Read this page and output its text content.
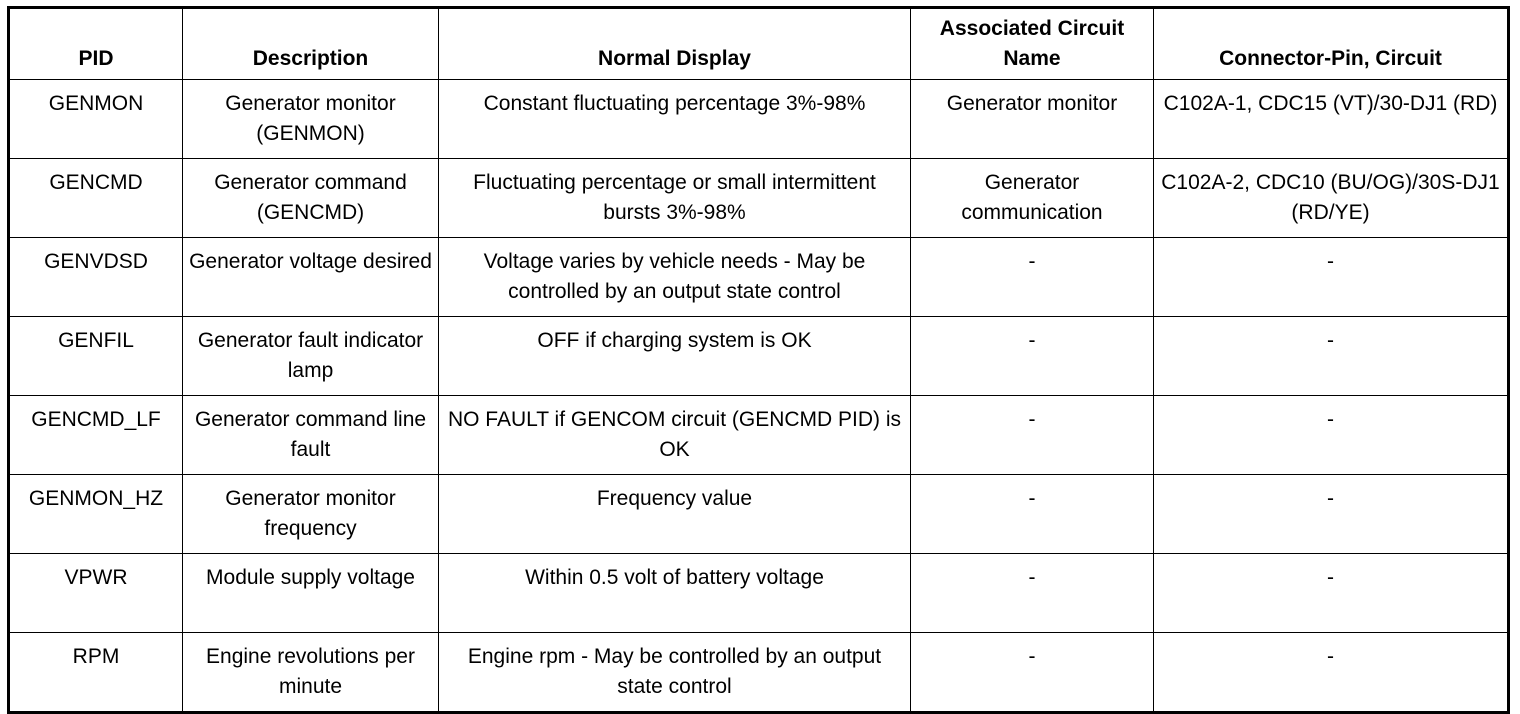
PID	Description	Normal Display	Associated Circuit Name	Connector-Pin, Circuit
GENMON	Generator monitor (GENMON)	Constant fluctuating percentage 3%-98%	Generator monitor	C102A-1, CDC15 (VT)/30-DJ1 (RD)
GENCMD	Generator command (GENCMD)	Fluctuating percentage or small intermittent bursts 3%-98%	Generator communication	C102A-2, CDC10 (BU/OG)/30S-DJ1 (RD/YE)
GENVDSD	Generator voltage desired	Voltage varies by vehicle needs - May be controlled by an output state control	-	-
GENFIL	Generator fault indicator lamp	OFF if charging system is OK	-	-
GENCMD_LF	Generator command line fault	NO FAULT if GENCOM circuit (GENCMD PID) is OK	-	-
GENMON_HZ	Generator monitor frequency	Frequency value	-	-
VPWR	Module supply voltage	Within 0.5 volt of battery voltage	-	-
RPM	Engine revolutions per minute	Engine rpm - May be controlled by an output state control	-	-
